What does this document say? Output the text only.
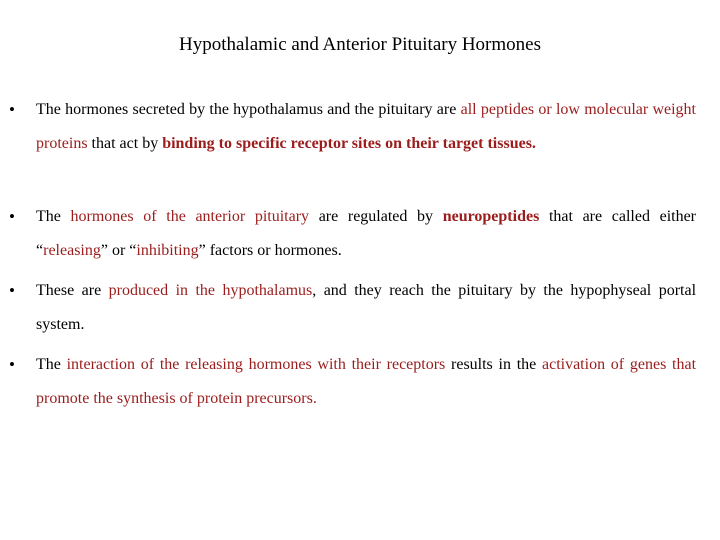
Hypothalamic and Anterior Pituitary Hormones
• The hormones secreted by the hypothalamus and the pituitary are all peptides or low molecular weight proteins that act by binding to specific receptor sites on their target tissues.
• The hormones of the anterior pituitary are regulated by neuropeptides that are called either “releasing” or “inhibiting” factors or hormones.
• These are produced in the hypothalamus, and they reach the pituitary by the hypophyseal portal system.
• The interaction of the releasing hormones with their receptors results in the activation of genes that promote the synthesis of protein precursors.
